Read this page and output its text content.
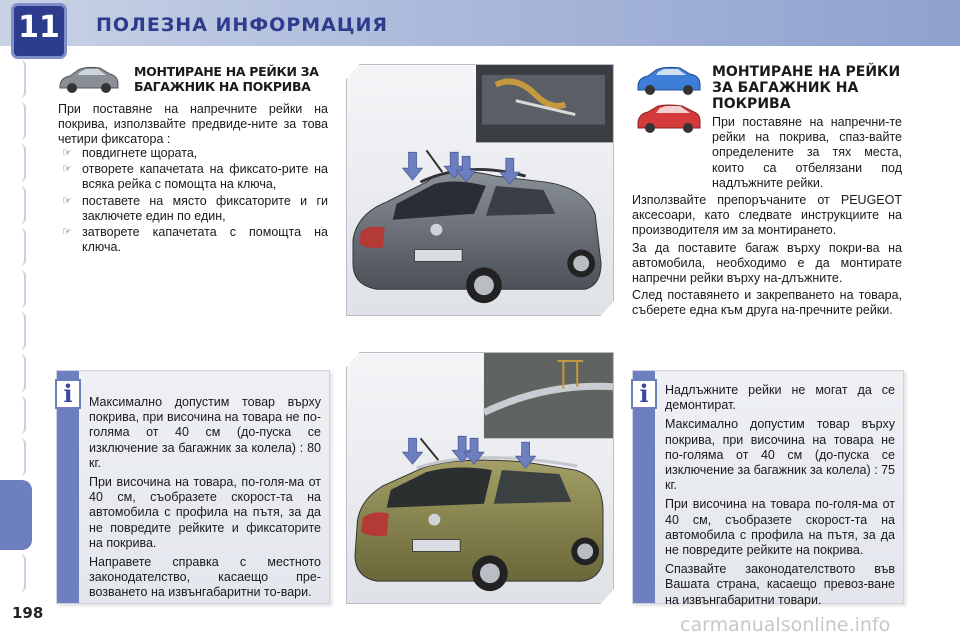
11 ПОЛЕЗНА ИНФОРМАЦИЯ
198
МОНТИРАНЕ НА РЕЙКИ ЗА БАГАЖНИК НА ПОКРИВА
При поставяне на напречните рейки на покрива, използвайте предвиде-ните за това четири фиксатора :
☞ повдигнете щората,
☞ отворете капачетата на фиксато-рите на всяка рейка с помощта на ключа,
☞ поставете на място фиксаторите и ги заключете един по един,
☞ затворете капачетата с помощта на ключа.
i	Максимално допустим товар върху покрива, при височина на товара не по-голяма от 40 см (до-пуска се изключение за багажник за колела) : 80 кг.

При височина на товара, по-голя-ма от 40 см, съобразете скорост-та на автомобила с профила на пътя, за да не повредите рейките и фиксаторите на покрива.

Направете справка с местното законодателство, касаещо пре-возването на извънгабаритни то-вари.

МОНТИРАНЕ НА РЕЙКИ ЗА БАГАЖНИК НА ПОКРИВА

При поставяне на напречни-те рейки на покрива, спаз-вайте определените за тях места, които са отбелязани под надлъжните рейки.

Използвайте препоръчаните от PEUGEOT аксесоари, като следвате инструкциите на производителя им за монтирането.

За да поставите багаж върху покри-ва на автомобила, необходимо е да монтирате напречни рейки върху на-длъжните.

След поставянето и закрепването на товара, съберете една към друга на-пречните рейки.

i	Надлъжните рейки не могат да се демонтират.

Максимално допустим товар върху покрива, при височина на товара не по-голяма от 40 см (до-пуска се изключение за багажник за колела) : 75 кг.

При височина на товара по-голя-ма от 40 см, съобразете скорост-та на автомобила с профила на пътя, за да не повредите рейките на покрива.

Спазвайте законодателството във Вашата страна, касаещо превоз-ване на извънгабаритни товари.

carmanualsonline.info
